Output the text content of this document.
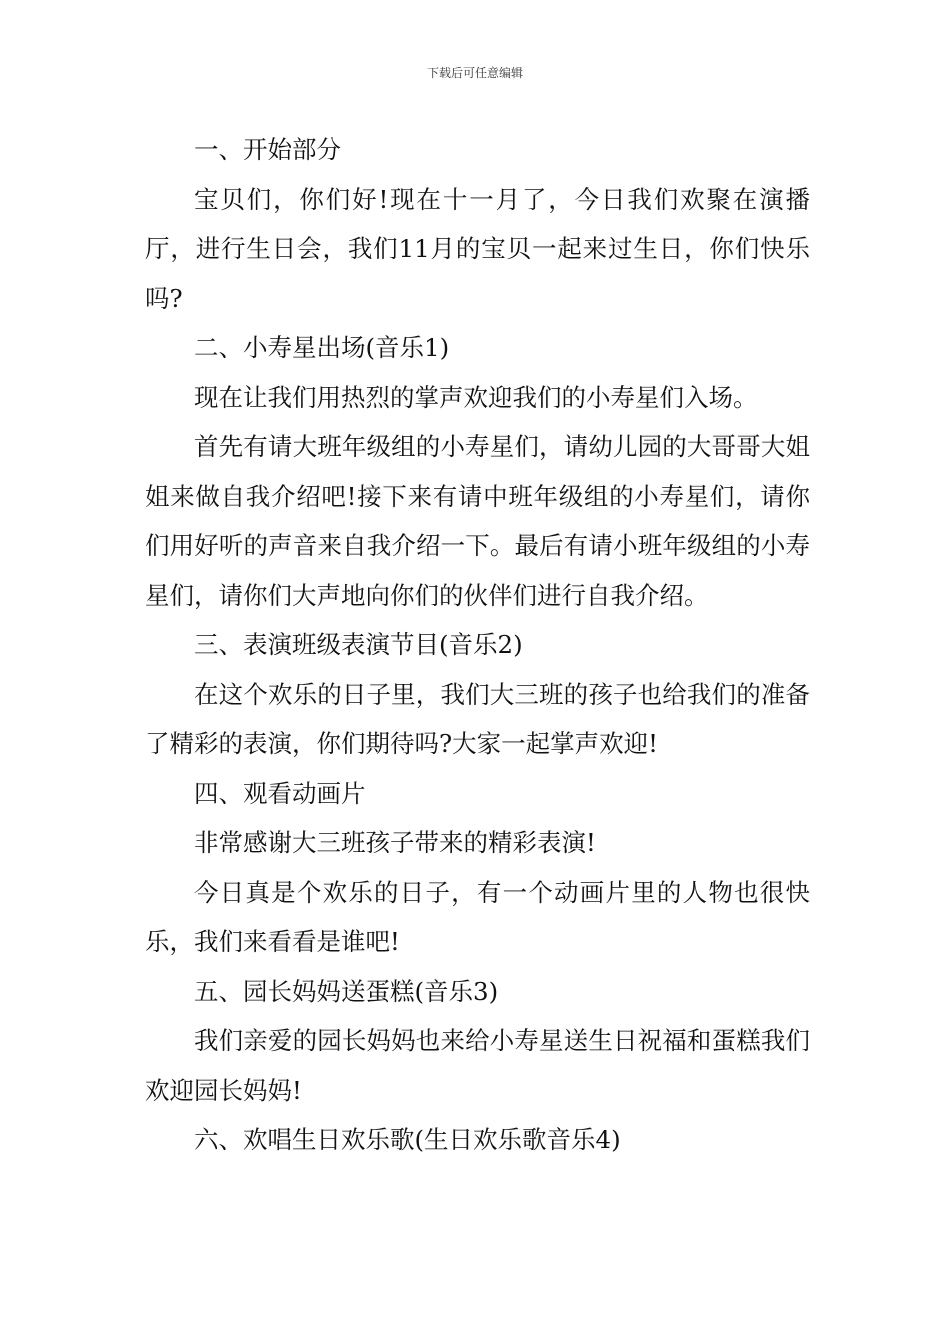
下载后可任意编辑

一、开始部分

宝贝们，你们好!现在十一月了，今日我们欢聚在演播厅，进行生日会，我们11月的宝贝一起来过生日，你们快乐吗?

二、小寿星出场(音乐1)

现在让我们用热烈的掌声欢迎我们的小寿星们入场。

首先有请大班年级组的小寿星们，请幼儿园的大哥哥大姐姐来做自我介绍吧!接下来有请中班年级组的小寿星们，请你们用好听的声音来自我介绍一下。最后有请小班年级组的小寿星们，请你们大声地向你们的伙伴们进行自我介绍。

三、表演班级表演节目(音乐2)

在这个欢乐的日子里，我们大三班的孩子也给我们的准备了精彩的表演，你们期待吗?大家一起掌声欢迎!

四、观看动画片

非常感谢大三班孩子带来的精彩表演!

今日真是个欢乐的日子，有一个动画片里的人物也很快乐，我们来看看是谁吧!

五、园长妈妈送蛋糕(音乐3)

我们亲爱的园长妈妈也来给小寿星送生日祝福和蛋糕我们欢迎园长妈妈!

六、欢唱生日欢乐歌(生日欢乐歌音乐4)
